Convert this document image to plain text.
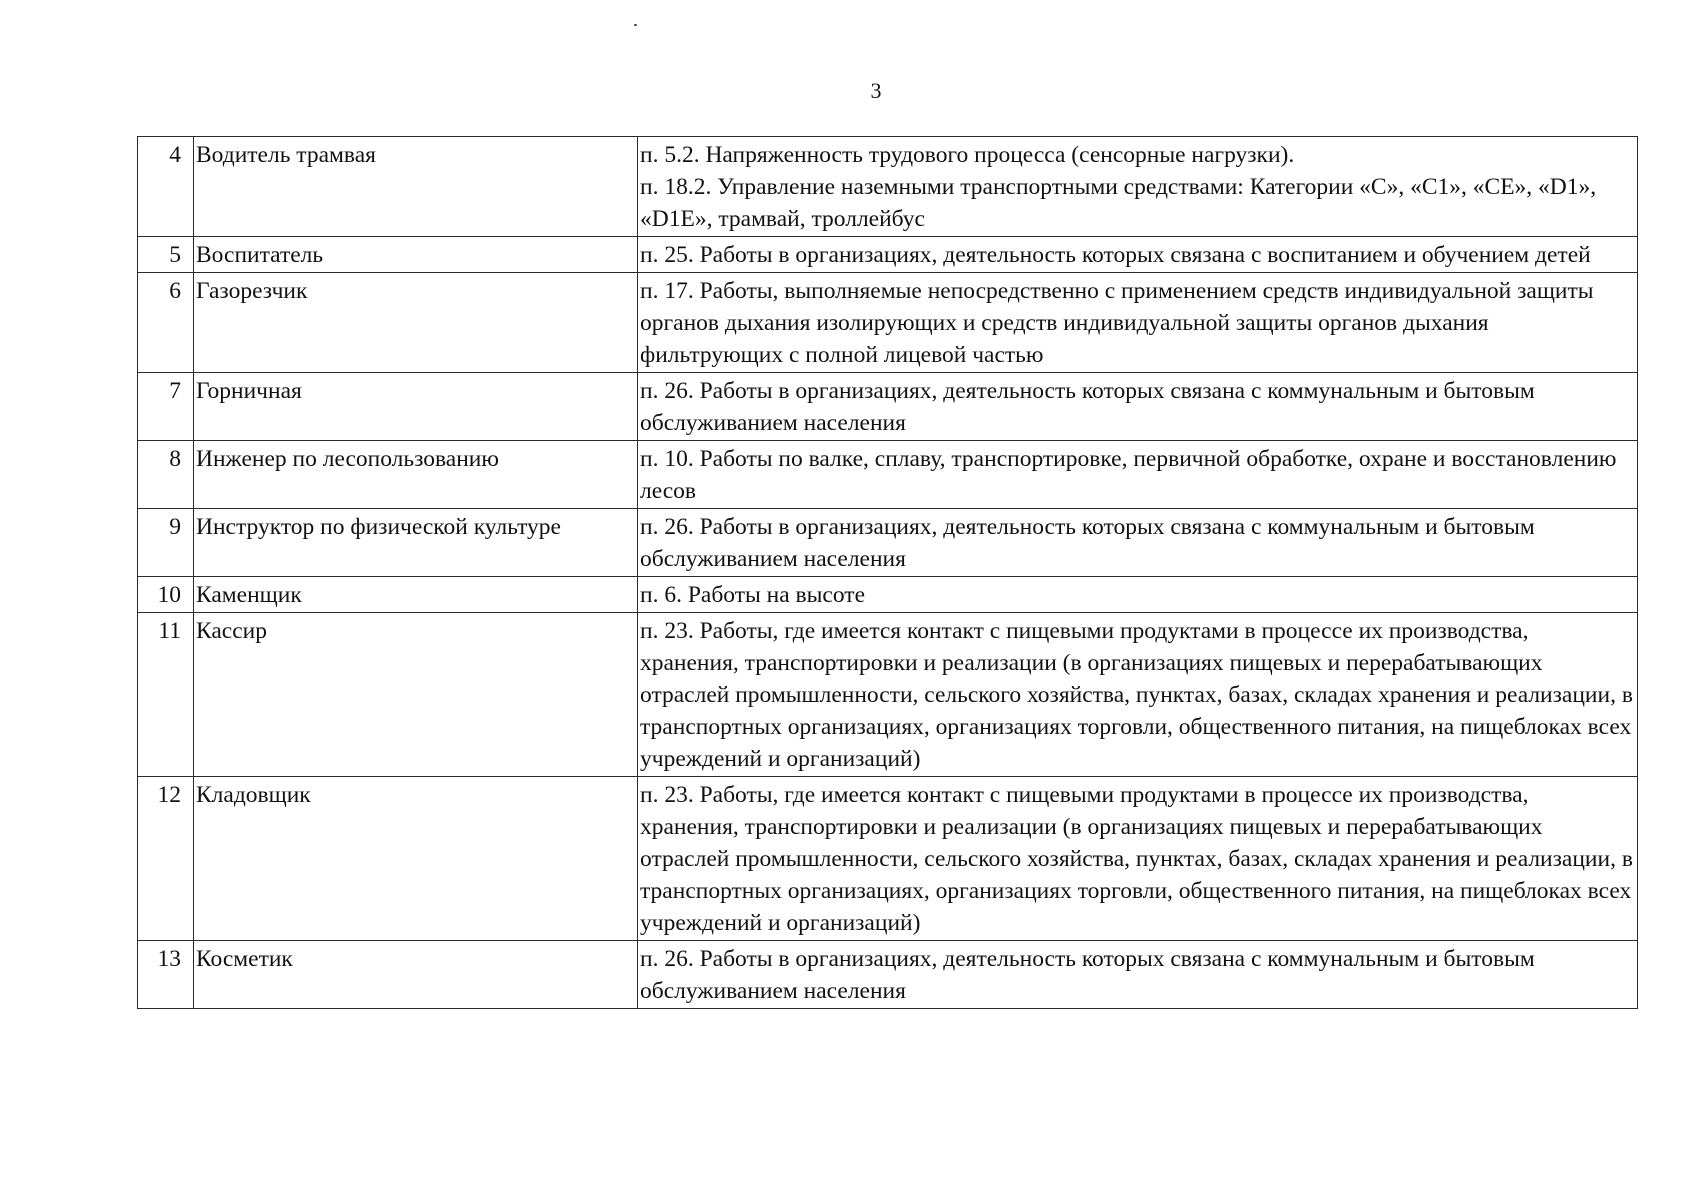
3
4	Водитель трамвая	п. 5.2. Напряженность трудового процесса (сенсорные нагрузки).
п. 18.2. Управление наземными транспортными средствами: Категории «С», «С1», «СЕ», «D1», «D1E», трамвай, троллейбус

5	Воспитатель	п. 25. Работы в организациях, деятельность которых связана с воспитанием и обучением детей

6	Газорезчик	п. 17. Работы, выполняемые непосредственно с применением средств индивидуальной защиты органов дыхания изолирующих и средств индивидуальной защиты органов дыхания фильтрующих с полной лицевой частью

7	Горничная	п. 26. Работы в организациях, деятельность которых связана с коммунальным и бытовым обслуживанием населения

8	Инженер по лесопользованию	п. 10. Работы по валке, сплаву, транспортировке, первичной обработке, охране и восстановлению лесов

9	Инструктор по физической культуре	п. 26. Работы в организациях, деятельность которых связана с коммунальным и бытовым обслуживанием населения

10	Каменщик	п. 6. Работы на высоте

11	Кассир	п. 23. Работы, где имеется контакт с пищевыми продуктами в процессе их производства, хранения, транспортировки и реализации (в организациях пищевых и перерабатывающих отраслей промышленности, сельского хозяйства, пунктах, базах, складах хранения и реализации, в транспортных организациях, организациях торговли, общественного питания, на пищеблоках всех учреждений и организаций)

12	Кладовщик	п. 23. Работы, где имеется контакт с пищевыми продуктами в процессе их производства, хранения, транспортировки и реализации (в организациях пищевых и перерабатывающих отраслей промышленности, сельского хозяйства, пунктах, базах, складах хранения и реализации, в транспортных организациях, организациях торговли, общественного питания, на пищеблоках всех учреждений и организаций)

13	Косметик	п. 26. Работы в организациях, деятельность которых связана с коммунальным и бытовым обслуживанием населения
